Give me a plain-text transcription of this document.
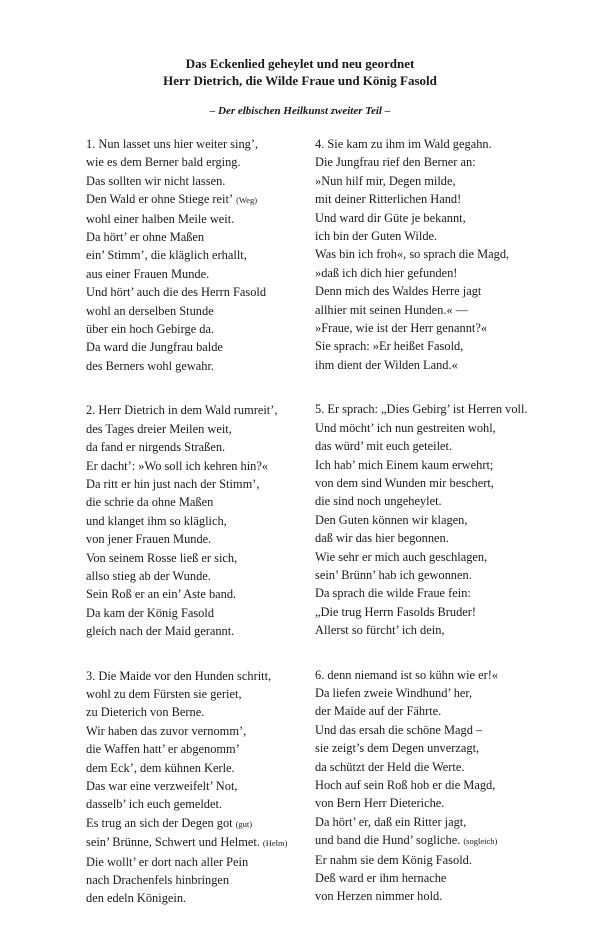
Das Eckenlied geheylet und neu geordnet
Herr Dietrich, die Wilde Fraue und König Fasold
– Der elbischen Heilkunst zweiter Teil –
1. Nun lasset uns hier weiter sing’,
wie es dem Berner bald erging.
Das sollten wir nicht lassen.
Den Wald er ohne Stiege reit’ (Weg)
wohl einer halben Meile weit.
Da hört’ er ohne Maßen
ein’ Stimm’, die kläglich erhallt,
aus einer Frauen Munde.
Und hört’ auch die des Herrn Fasold
wohl an derselben Stunde
über ein hoch Gebirge da.
Da ward die Jungfrau balde
des Berners wohl gewahr.
2. Herr Dietrich in dem Wald rumreit’,
des Tages dreier Meilen weit,
da fand er nirgends Straßen.
Er dacht’: »Wo soll ich kehren hin?«
Da ritt er hin just nach der Stimm’,
die schrie da ohne Maßen
und klanget ihm so kläglich,
von jener Frauen Munde.
Von seinem Rosse ließ er sich,
allso stieg ab der Wunde.
Sein Roß er an ein’ Aste band.
Da kam der König Fasold
gleich nach der Maid gerannt.
3. Die Maide vor den Hunden schritt,
wohl zu dem Fürsten sie geriet,
zu Dieterich von Berne.
Wir haben das zuvor vernomm’,
die Waffen hatt’ er abgenomm’
dem Eck’, dem kühnen Kerle.
Das war eine verzweifelt’ Not,
dasselb’ ich euch gemeldet.
Es trug an sich der Degen got (gut)
sein’ Brünne, Schwert und Helmet. (Helm)
Die wollt’ er dort nach aller Pein
nach Drachenfels hinbringen
den edeln Königein.
4. Sie kam zu ihm im Wald gegahn.
Die Jungfrau rief den Berner an:
»Nun hilf mir, Degen milde,
mit deiner Ritterlichen Hand!
Und ward dir Güte je bekannt,
ich bin der Guten Wilde.
Was bin ich froh«, so sprach die Magd,
»daß ich dich hier gefunden!
Denn mich des Waldes Herre jagt
allhier mit seinen Hunden.« —
»Fraue, wie ist der Herr genannt?«
Sie sprach: »Er heißet Fasold,
ihm dient der Wilden Land.«
5. Er sprach: „Dies Gebirg’ ist Herren voll.
Und möcht’ ich nun gestreiten wohl,
das würd’ mit euch geteilet.
Ich hab’ mich Einem kaum erwehrt;
von dem sind Wunden mir beschert,
die sind noch ungeheylet.
Den Guten können wir klagen,
daß wir das hier begonnen.
Wie sehr er mich auch geschlagen,
sein’ Brünn’ hab ich gewonnen.
Da sprach die wilde Fraue fein:
„Die trug Herrn Fasolds Bruder!
Allerst so fürcht’ ich dein,
6. denn niemand ist so kühn wie er!«
Da liefen zweie Windhund’ her,
der Maide auf der Fährte.
Und das ersah die schöne Magd –
sie zeigt’s dem Degen unverzagt,
da schützt der Held die Werte.
Hoch auf sein Roß hob er die Magd,
von Bern Herr Dieteriche.
Da hört’ er, daß ein Ritter jagt,
und band die Hund’ sogliche. (sogleich)
Er nahm sie dem König Fasold.
Deß ward er ihm hernache
von Herzen nimmer hold.
